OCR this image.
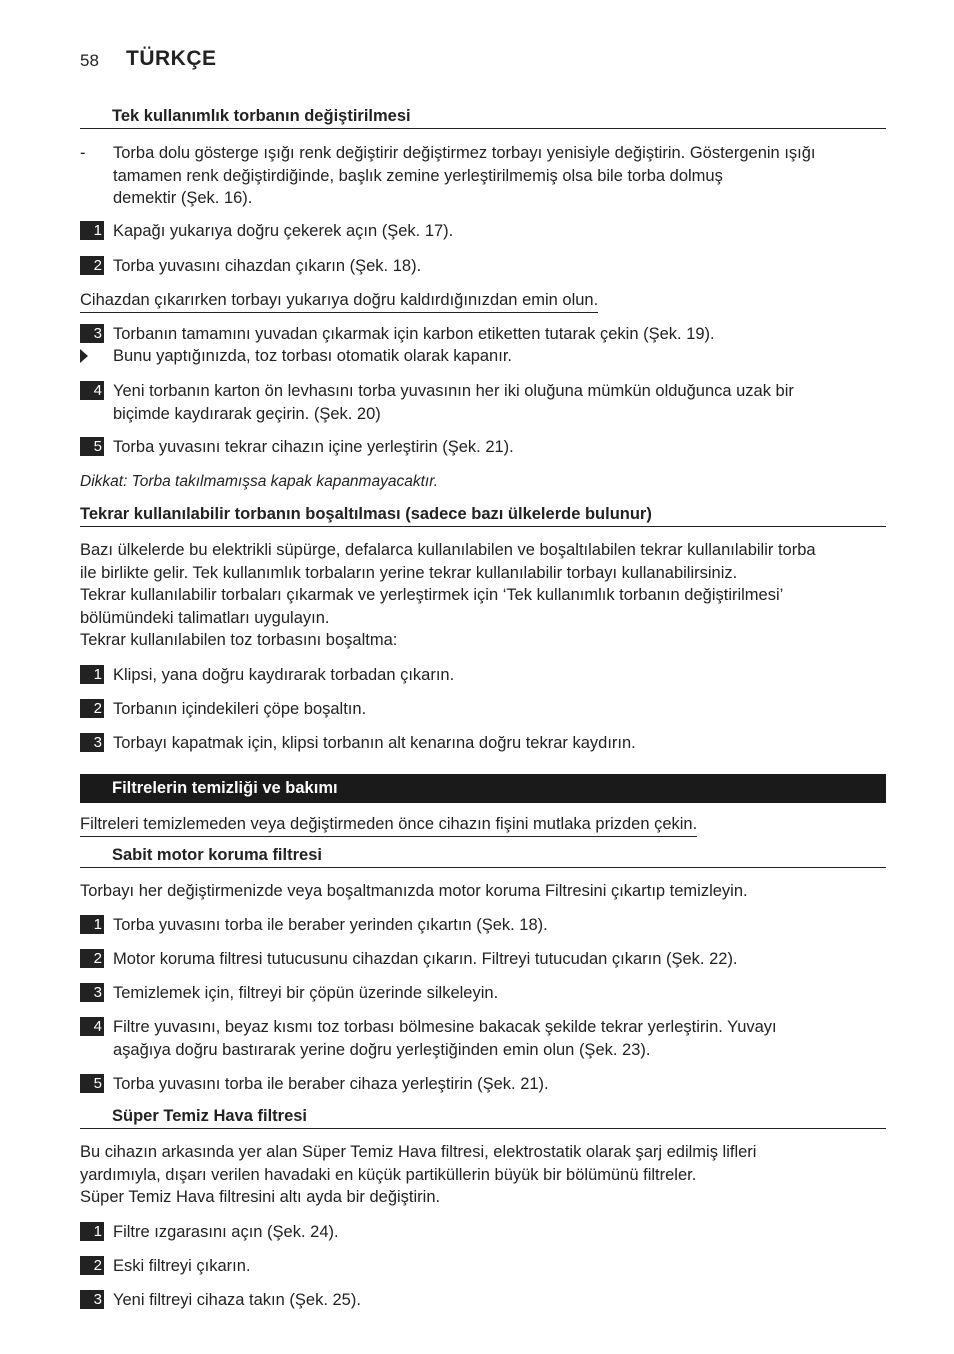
58 TÜRKÇE
Tek kullanımlık torbanın değiştirilmesi
- Torba dolu gösterge ışığı renk değiştirir değiştirmez torbayı yenisiyle değiştirin. Göstergenin ışığı
tamamen renk değiştirdiğinde, başlık zemine yerleştirilmemiş olsa bile torba dolmuş
demektir (Şek. 16).
1 Kapağı yukarıya doğru çekerek açın (Şek. 17).
2 Torba yuvasını cihazdan çıkarın (Şek. 18).
Cihazdan çıkarırken torbayı yukarıya doğru kaldırdığınızdan emin olun.
3 Torbanın tamamını yuvadan çıkarmak için karbon etiketten tutarak çekin (Şek. 19).
Bunu yaptığınızda, toz torbası otomatik olarak kapanır.
4 Yeni torbanın karton ön levhasını torba yuvasının her iki oluğuna mümkün olduğunca uzak bir
biçimde kaydırarak geçirin. (Şek. 20)
5 Torba yuvasını tekrar cihazın içine yerleştirin (Şek. 21).
Dikkat: Torba takılmamışsa kapak kapanmayacaktır.
Tekrar kullanılabilir torbanın boşaltılması (sadece bazı ülkelerde bulunur)
Bazı ülkelerde bu elektrikli süpürge, defalarca kullanılabilen ve boşaltılabilen tekrar kullanılabilir torba
ile birlikte gelir. Tek kullanımlık torbaların yerine tekrar kullanılabilir torbayı kullanabilirsiniz.
Tekrar kullanılabilir torbaları çıkarmak ve yerleştirmek için ‘Tek kullanımlık torbanın değiştirilmesi’
bölümündeki talimatları uygulayın.
Tekrar kullanılabilen toz torbasını boşaltma:
1 Klipsi, yana doğru kaydırarak torbadan çıkarın.
2 Torbanın içindekileri çöpe boşaltın.
3 Torbayı kapatmak için, klipsi torbanın alt kenarına doğru tekrar kaydırın.
Filtrelerin temizliği ve bakımı
Filtreleri temizlemeden veya değiştirmeden önce cihazın fişini mutlaka prizden çekin.
Sabit motor koruma filtresi
Torbayı her değiştirmenizde veya boşaltmanızda motor koruma Filtresini çıkartıp temizleyin.
1 Torba yuvasını torba ile beraber yerinden çıkartın (Şek. 18).
2 Motor koruma filtresi tutucusunu cihazdan çıkarın. Filtreyi tutucudan çıkarın (Şek. 22).
3 Temizlemek için, filtreyi bir çöpün üzerinde silkeleyin.
4 Filtre yuvasını, beyaz kısmı toz torbası bölmesine bakacak şekilde tekrar yerleştirin. Yuvayı
aşağıya doğru bastırarak yerine doğru yerleştiğinden emin olun (Şek. 23).
5 Torba yuvasını torba ile beraber cihaza yerleştirin (Şek. 21).
Süper Temiz Hava filtresi
Bu cihazın arkasında yer alan Süper Temiz Hava filtresi, elektrostatik olarak şarj edilmiş lifleri
yardımıyla, dışarı verilen havadaki en küçük partiküllerin büyük bir bölümünü filtreler.
Süper Temiz Hava filtresini altı ayda bir değiştirin.
1 Filtre ızgarasını açın (Şek. 24).
2 Eski filtreyi çıkarın.
3 Yeni filtreyi cihaza takın (Şek. 25).
